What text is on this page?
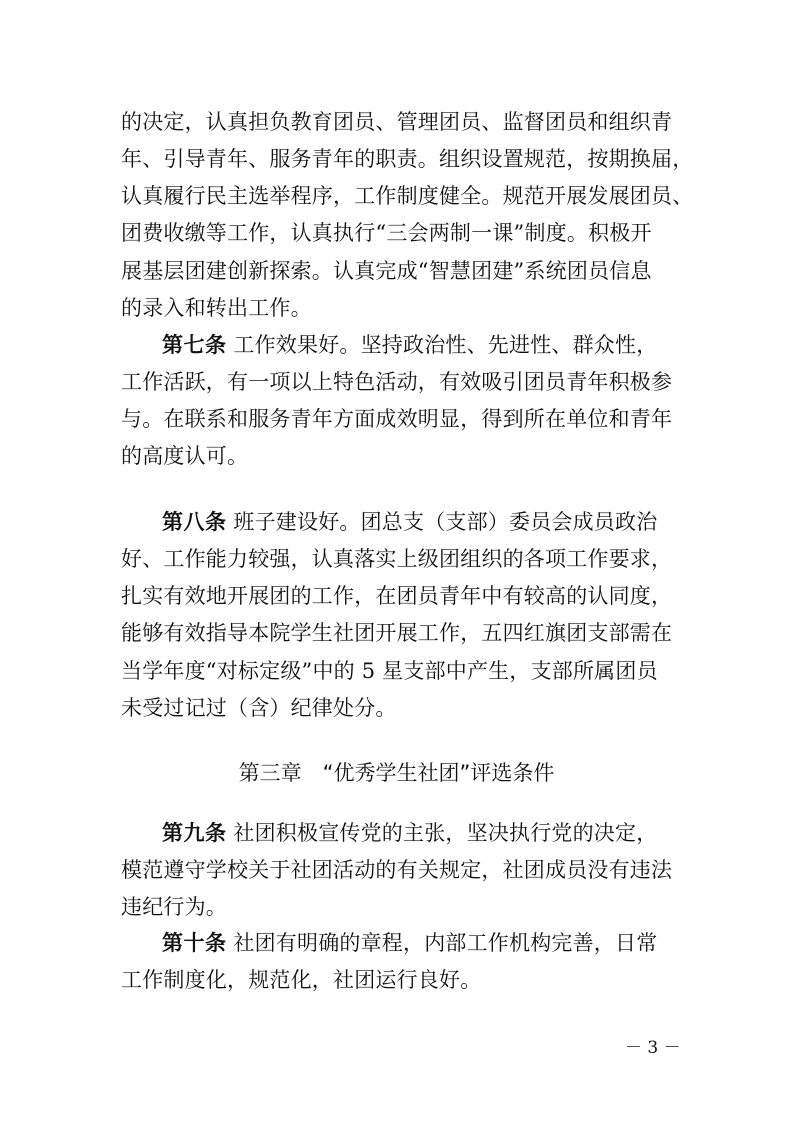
的决定，认真担负教育团员、管理团员、监督团员和组织青
年、引导青年、服务青年的职责。组织设置规范，按期换届，
认真履行民主选举程序，工作制度健全。规范开展发展团员、
团费收缴等工作，认真执行“三会两制一课”制度。积极开
展基层团建创新探索。认真完成“智慧团建”系统团员信息
的录入和转出工作。
第七条 工作效果好。坚持政治性、先进性、群众性，
工作活跃，有一项以上特色活动，有效吸引团员青年积极参
与。在联系和服务青年方面成效明显，得到所在单位和青年
的高度认可。
第八条 班子建设好。团总支（支部）委员会成员政治
好、工作能力较强，认真落实上级团组织的各项工作要求，
扎实有效地开展团的工作，在团员青年中有较高的认同度，
能够有效指导本院学生社团开展工作，五四红旗团支部需在
当学年度“对标定级”中的 5 星支部中产生，支部所属团员
未受过记过（含）纪律处分。
第三章　“优秀学生社团”评选条件
第九条 社团积极宣传党的主张，坚决执行党的决定，
模范遵守学校关于社团活动的有关规定，社团成员没有违法
违纪行为。
第十条 社团有明确的章程，内部工作机构完善，日常
工作制度化，规范化，社团运行良好。
－ 3 －
